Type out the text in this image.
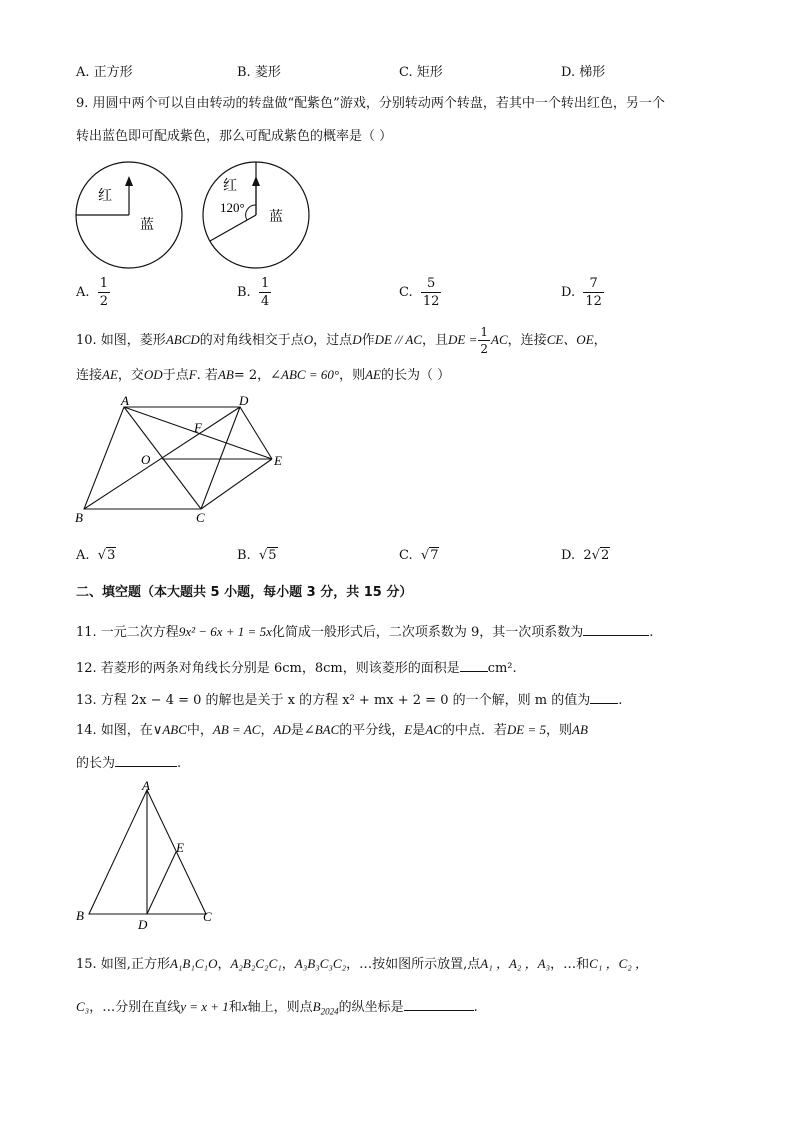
A. 正方形	B. 菱形	C. 矩形	D. 梯形
9. 用圆中两个可以自由转动的转盘做“配紫色”游戏，分别转动两个转盘，若其中一个转出红色，另一个
转出蓝色即可配成紫色，那么可配成紫色的概率是（ ）
红
蓝
红
120°
蓝
A. $\frac{1}{2}$	B. $\frac{1}{4}$	C. $\frac{5}{12}$	D. $\frac{7}{12}$
10. 如图，菱形ABCD的对角线相交于点O，过点D作DE // AC，且DE = $\frac{1}{2}$ AC，连接CE、OE，
连接AE，交OD于点F. 若AB= 2，∠ABC = 60°，则AE的长为（ ）
A	D
F
O	E
B	C
A. √3	B. √5	C. √7	D. 2√2
二、填空题（本大题共 5 小题，每小题 3 分，共 15 分）
11. 一元二次方程9x² − 6x + 1 = 5x化简成一般形式后，二次项系数为 9，其一次项系数为	.
12. 若菱形的两条对角线长分别是 6cm，8cm，则该菱形的面积是 cm².
13. 方程 2x − 4 = 0 的解也是关于 x 的方程 x² + mx + 2 = 0 的一个解，则 m 的值为 .
14. 如图，在∨ABC中，AB = AC，AD是∠BAC的平分线，E是AC的中点．若DE = 5，则AB
的长为	.
A
E
B
D
C
15. 如图,正方形A₁B₁C₁O，A₂B₂C₂C₁，A₃B₃C₃C₂，…按如图所示放置,点A₁ ，A₂ ，A₃，…和C₁ ，C₂ ，
C₃，…分别在直线y = x + 1和x轴上，则点$B_{2024}$的纵坐标是	.
